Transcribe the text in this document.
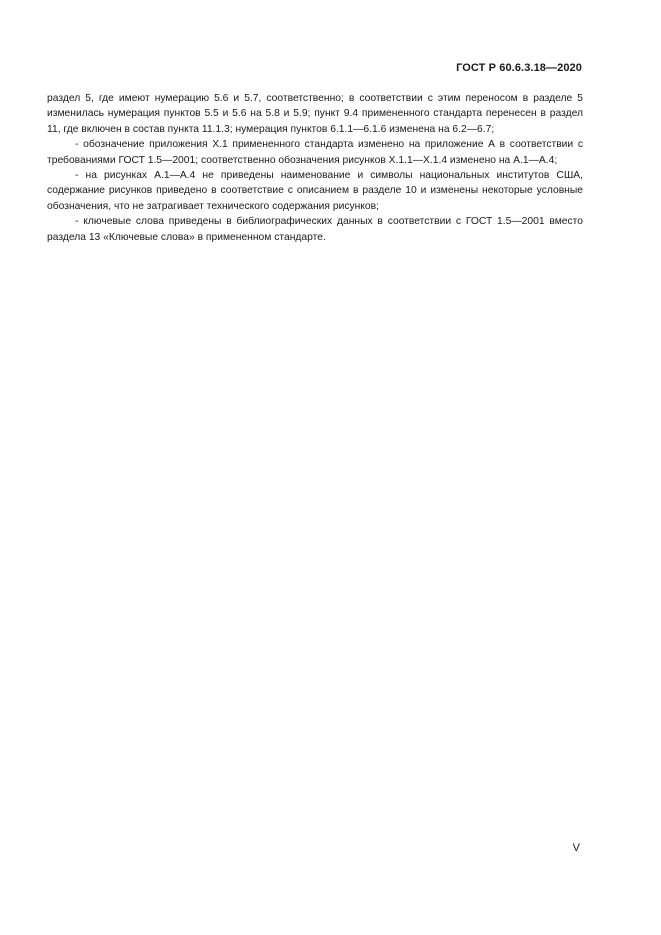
ГОСТ Р 60.6.3.18—2020

раздел 5, где имеют нумерацию 5.6 и 5.7, соответственно; в соответствии с этим переносом в разделе 5 изменилась нумерация пунктов 5.5 и 5.6 на 5.8 и 5.9; пункт 9.4 примененного стандарта перенесен в раздел 11, где включен в состав пункта 11.1.3; нумерация пунктов 6.1.1—6.1.6 изменена на 6.2—6.7;

- обозначение приложения X.1 примененного стандарта изменено на приложение А в соответствии с требованиями ГОСТ 1.5—2001; соответственно обозначения рисунков X.1.1—X.1.4 изменено на А.1—А.4;

- на рисунках А.1—А.4 не приведены наименование и символы национальных институтов США, содержание рисунков приведено в соответствие с описанием в разделе 10 и изменены некоторые условные обозначения, что не затрагивает технического содержания рисунков;

- ключевые слова приведены в библиографических данных в соответствии с ГОСТ 1.5—2001 вместо раздела 13 «Ключевые слова» в примененном стандарте.

V
